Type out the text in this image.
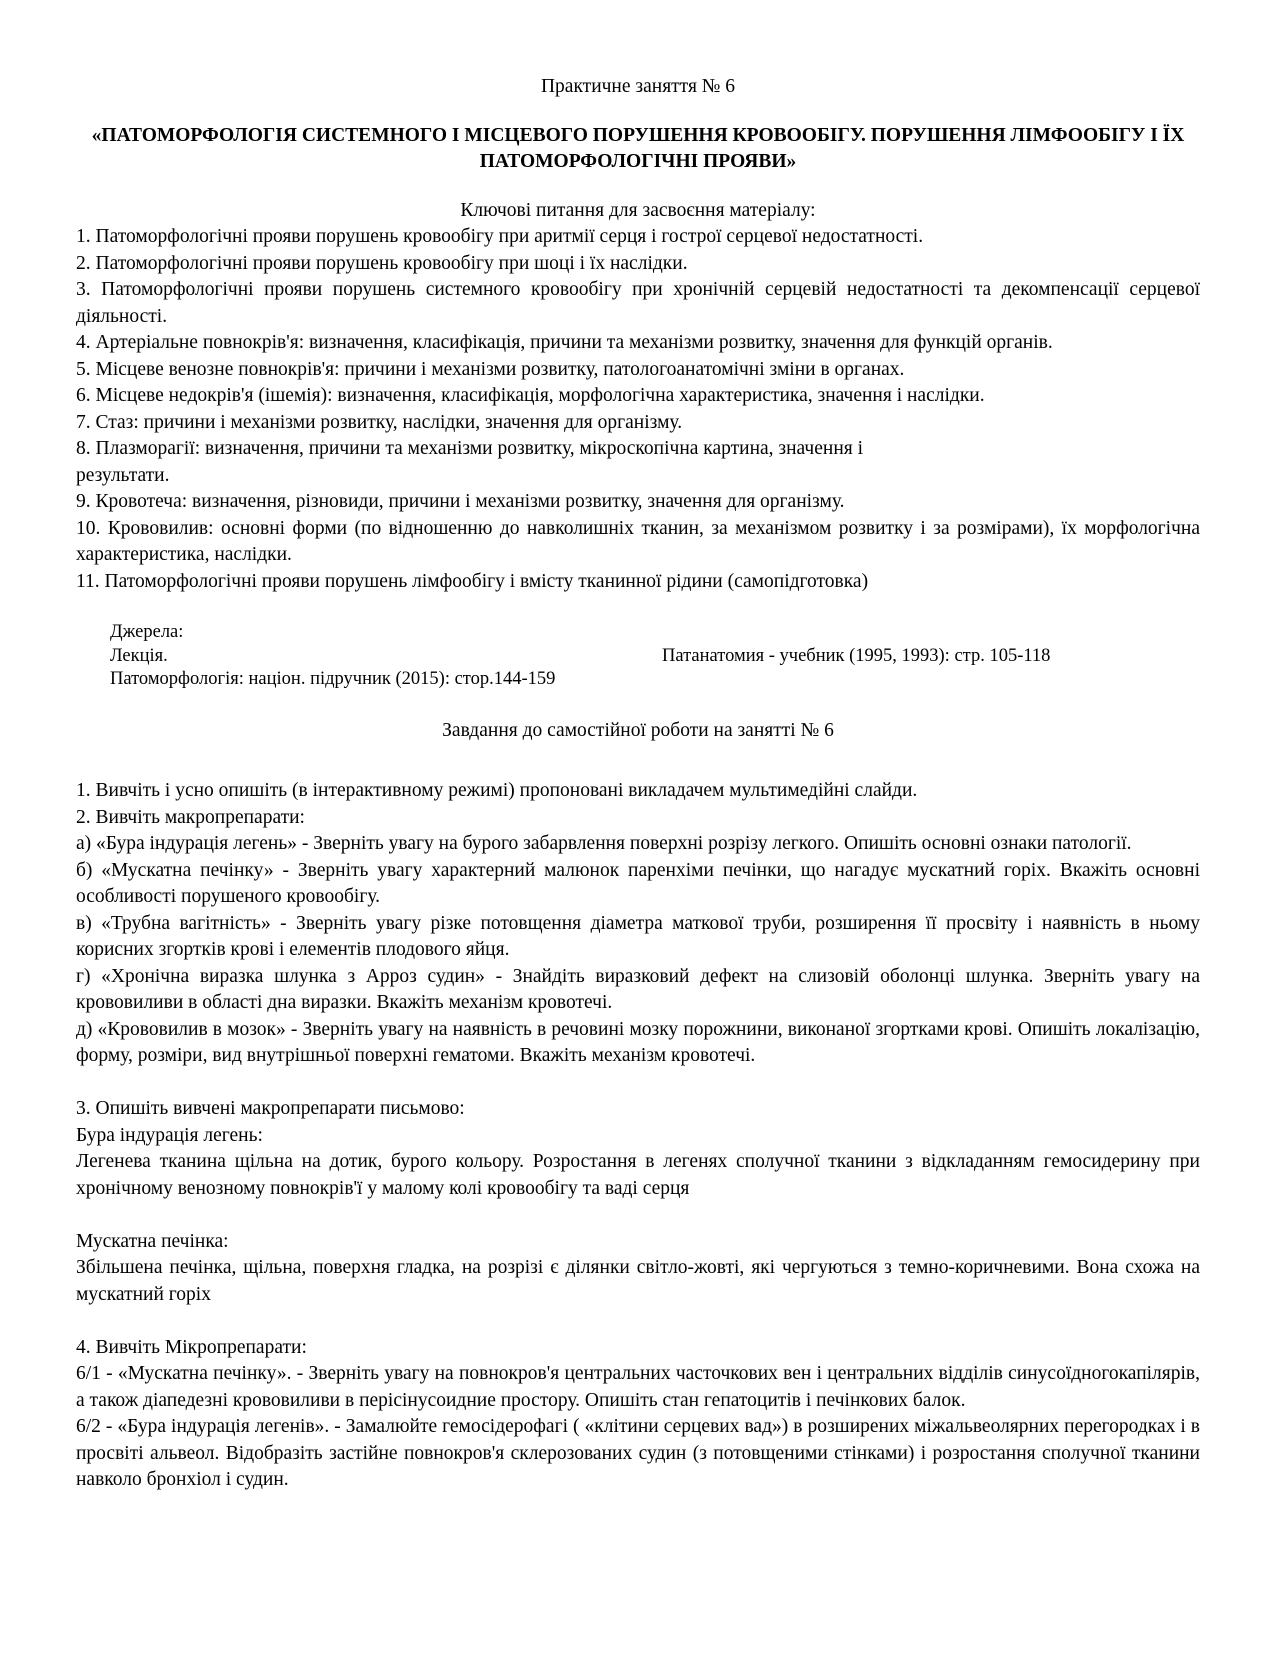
Практичне заняття № 6

«ПАТОМОРФОЛОГІЯ СИСТЕМНОГО І МІСЦЕВОГО ПОРУШЕННЯ КРОВООБІГУ. ПОРУШЕННЯ ЛІМФООБІГУ І ЇХ ПАТОМОРФОЛОГІЧНІ ПРОЯВИ»

Ключові питання для засвоєння матеріалу:

1. Патоморфологічні прояви порушень кровообігу при аритмії серця і гострої серцевої недостатності.

2. Патоморфологічні прояви порушень кровообігу при шоці і їх наслідки.

3. Патоморфологічні прояви порушень системного кровообігу при хронічній серцевій недостатності та декомпенсації серцевої діяльності.

4. Артеріальне повнокрів'я: визначення, класифікація, причини та механізми розвитку, значення для функцій органів.

5. Місцеве венозне повнокрів'я: причини і механізми розвитку, патологоанатомічні зміни в органах.

6. Місцеве недокрів'я (ішемія): визначення, класифікація, морфологічна характеристика, значення і наслідки.

7. Стаз: причини і механізми розвитку, наслідки, значення для організму.

8. Плазморагії: визначення, причини та механізми розвитку, мікроскопічна картина, значення і

результати.

9. Кровотеча: визначення, різновиди, причини і механізми розвитку, значення для організму.

10. Крововилив: основні форми (по відношенню до навколишніх тканин, за механізмом розвитку і за розмірами), їх морфологічна характеристика, наслідки.

11. Патоморфологічні прояви порушень лімфообігу і вмісту тканинної рідини (самопідготовка)

Джерела:

Лекція.

Патоморфологія: націон. підручник (2015): стор.144-159

Патанатомия - учебник (1995, 1993): стр. 105-118

Завдання до самостійної роботи на занятті № 6

1. Вивчіть і усно опишіть (в інтерактивному режимі) пропоновані викладачем мультимедійні слайди.

2. Вивчіть макропрепарати:

а) «Бура індурація легень» - Зверніть увагу на бурого забарвлення поверхні розрізу легкого. Опишіть основні ознаки патології.

б) «Мускатна печінку» - Зверніть увагу характерний малюнок паренхіми печінки, що нагадує мускатний горіх. Вкажіть основні особливості порушеного кровообігу.

в) «Трубна вагітність» - Зверніть увагу різке потовщення діаметра маткової труби, розширення її просвіту і наявність в ньому корисних згортків крові і елементів плодового яйця.

г) «Хронічна виразка шлунка з Арроз судин» - Знайдіть виразковий дефект на слизовій оболонці шлунка. Зверніть увагу на крововиливи в області дна виразки. Вкажіть механізм кровотечі.

д) «Крововилив в мозок» - Зверніть увагу на наявність в речовині мозку порожнини, виконаної згортками крові. Опишіть локалізацію, форму, розміри, вид внутрішньої поверхні гематоми. Вкажіть механізм кровотечі.

3. Опишіть вивчені макропрепарати письмово:

Бура індурація легень:

Легенева тканина щільна на дотик, бурого кольору. Розростання в легенях сполучної тканини з відкладанням гемосидерину при хронічному венозному повнокрів'ї у малому колі кровообігу та ваді серця

Мускатна печінка:

Збільшена печінка, щільна, поверхня гладка, на розрізі є ділянки світло-жовті, які чергуються з темно-коричневими. Вона схожа на мускатний горіх

4. Вивчіть Мікропрепарати:

6/1 - «Мускатна печінку». - Зверніть увагу на повнокров'я центральних часточкових вен і центральних відділів синусоїдногокапілярів, а також діапедезні крововиливи в перісінусоидние простору. Опишіть стан гепатоцитів і печінкових балок.

6/2 - «Бура індурація легенів». - Замалюйте гемосідерофагі ( «клітини серцевих вад») в розширених міжальвеолярних перегородках і в просвіті альвеол. Відобразіть застійне повнокров'я склерозованих судин (з потовщеними стінками) і розростання сполучної тканини навколо бронхіол і судин.
